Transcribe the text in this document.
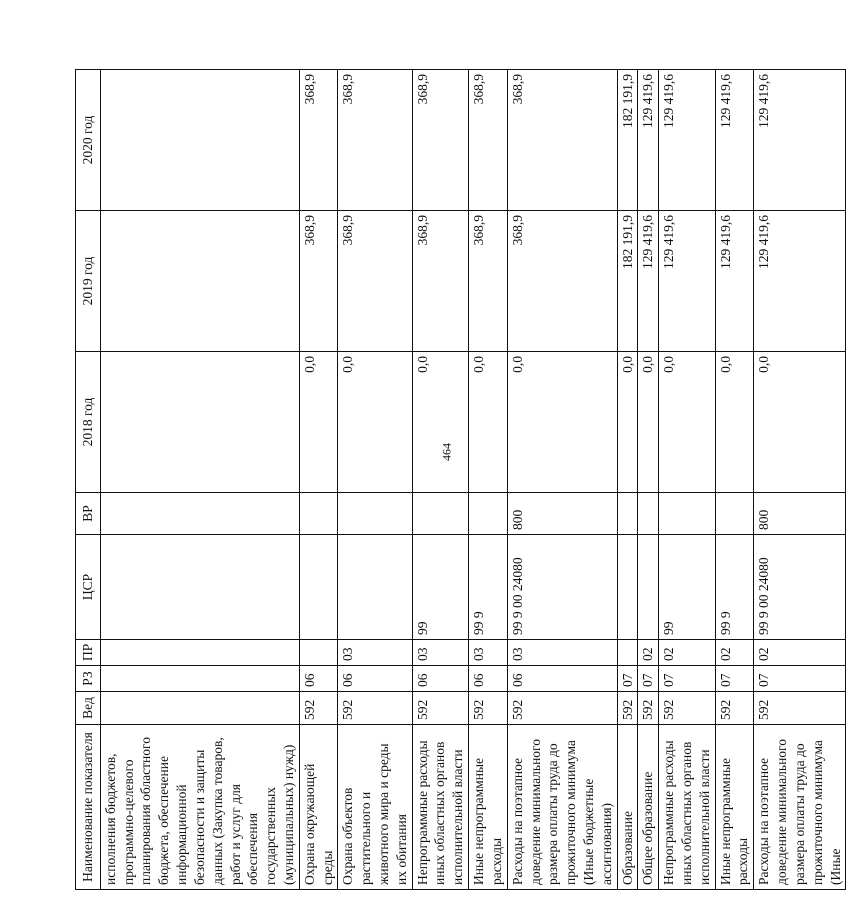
464
Наименование показателя	Вед	РЗ	ПР	ЦСР	ВР	2018 год	2019 год	2020 год
исполнения бюджетов, программно-целевого планирования областного бюджета, обеспечение информационной безопасности и защиты данных (Закупка товаров, работ и услуг для обеспечения государственных (муниципальных) нужд)								
Охрана окружающей среды	592	06				0,0	368,9	368,9
Охрана объектов растительного и животного мира и среды их обитания	592	06	03			0,0	368,9	368,9
Непрограммные расходы иных областных органов исполнительной власти	592	06	03	99		0,0	368,9	368,9
Иные непрограммные расходы	592	06	03	99 9		0,0	368,9	368,9
Расходы на поэтапное доведение минимального размера оплаты труда до прожиточного минимума (Иные бюджетные ассигнования)	592	06	03	99 9 00 24080	800	0,0	368,9	368,9
Образование	592	07				0,0	182 191,9	182 191,9
Общее образование	592	07	02			0,0	129 419,6	129 419,6
Непрограммные расходы иных областных органов исполнительной власти	592	07	02	99		0,0	129 419,6	129 419,6
Иные непрограммные расходы	592	07	02	99 9		0,0	129 419,6	129 419,6
Расходы на поэтапное доведение минимального размера оплаты труда до прожиточного минимума (Иные	592	07	02	99 9 00 24080	800	0,0	129 419,6	129 419,6
